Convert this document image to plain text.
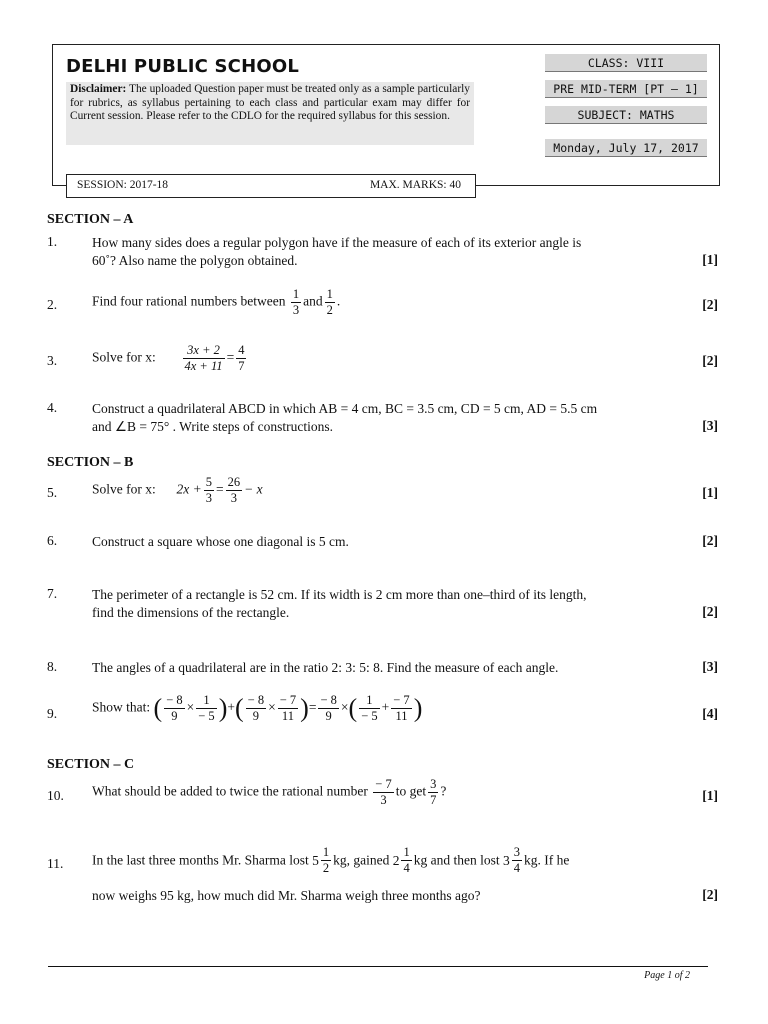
DELHI PUBLIC SCHOOL
Disclaimer: The uploaded Question paper must be treated only as a sample particularly for rubrics, as syllabus pertaining to each class and particular exam may differ for Current session. Please refer to the CDLO for the required syllabus for this session.
CLASS: VIII
PRE MID-TERM [PT – 1]
SUBJECT: MATHS
Monday, July 17, 2017
SESSION: 2017-18	MAX. MARKS: 40
SECTION – A
1.	How many sides does a regular polygon have if the measure of each of its exterior angle is
60˚? Also name the polygon obtained.	[1]
2.	Find four rational numbers between $\frac{1}{3}$ and $\frac{1}{2}$ .	[2]
3.	Solve for x: $\frac{3x + 2}{4x + 11} = \frac{4}{7}$	[2]
4.	Construct a quadrilateral ABCD in which AB = 4 cm, BC = 3.5 cm, CD = 5 cm, AD = 5.5 cm
and ∠B = 75° . Write steps of constructions.	[3]
SECTION – B
5.	Solve for x: $2x + \frac{5}{3} = \frac{26}{3} - x$	[1]
6.	Construct a square whose one diagonal is 5 cm.	[2]
7.	The perimeter of a rectangle is 52 cm. If its width is 2 cm more than one–third of its length,
find the dimensions of the rectangle.	[2]
8.	The angles of a quadrilateral are in the ratio 2: 3: 5: 8. Find the measure of each angle.	[3]
9.	Show that: ( $\frac{- 8}{9} \times \frac{1}{- 5}$ )+( $\frac{- 8}{9} \times \frac{- 7}{11}$ )= $\frac{- 8}{9}$ ×( $\frac{1}{- 5} + \frac{- 7}{11}$ )	[4]
SECTION – C
10. What should be added to twice the rational number $\frac{- 7}{3}$ to get $\frac{3}{7}$ ?	[1]
11. In the last three months Mr. Sharma lost $5 \frac{1}{2}$ kg, gained $2 \frac{1}{4}$ kg and then lost $3 \frac{3}{4}$ kg. If he
now weighs 95 kg, how much did Mr. Sharma weigh three months ago?	[2]
Page 1 of 2
